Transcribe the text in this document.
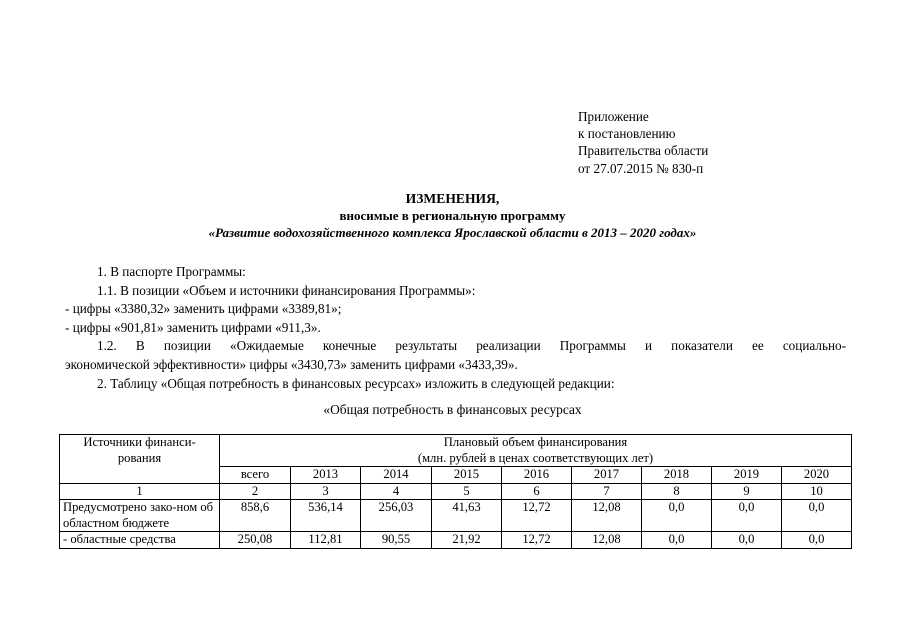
Приложение
к постановлению
Правительства области
от 27.07.2015 № 830-п
ИЗМЕНЕНИЯ,
вносимые в региональную программу
«Развитие водохозяйственного комплекса Ярославской области в 2013 – 2020 годах»
1. В паспорте Программы:
1.1. В позиции «Объем и источники финансирования Программы»:
- цифры «3380,32» заменить цифрами «3389,81»;
- цифры «901,81» заменить цифрами «911,3».
1.2. В позиции «Ожидаемые конечные результаты реализации Программы и показатели ее социально-
экономической эффективности» цифры «3430,73» заменить цифрами «3433,39».
2. Таблицу «Общая потребность в финансовых ресурсах» изложить в следующей редакции:
«Общая потребность в финансовых ресурсах
Источники финанси-рования	Плановый объем финансирования
(млн. рублей в ценах соответствующих лет)								

	всего	2013	2014	2015	2016	2017	2018	2019	2020
1	2	3	4	5	6	7	8	9	10
Предусмотрено зако-ном об областном бюджете	858,6	536,14	256,03	41,63	12,72	12,08	0,0	0,0	0,0
- областные средства	250,08	112,81	90,55	21,92	12,72	12,08	0,0	0,0	0,0
